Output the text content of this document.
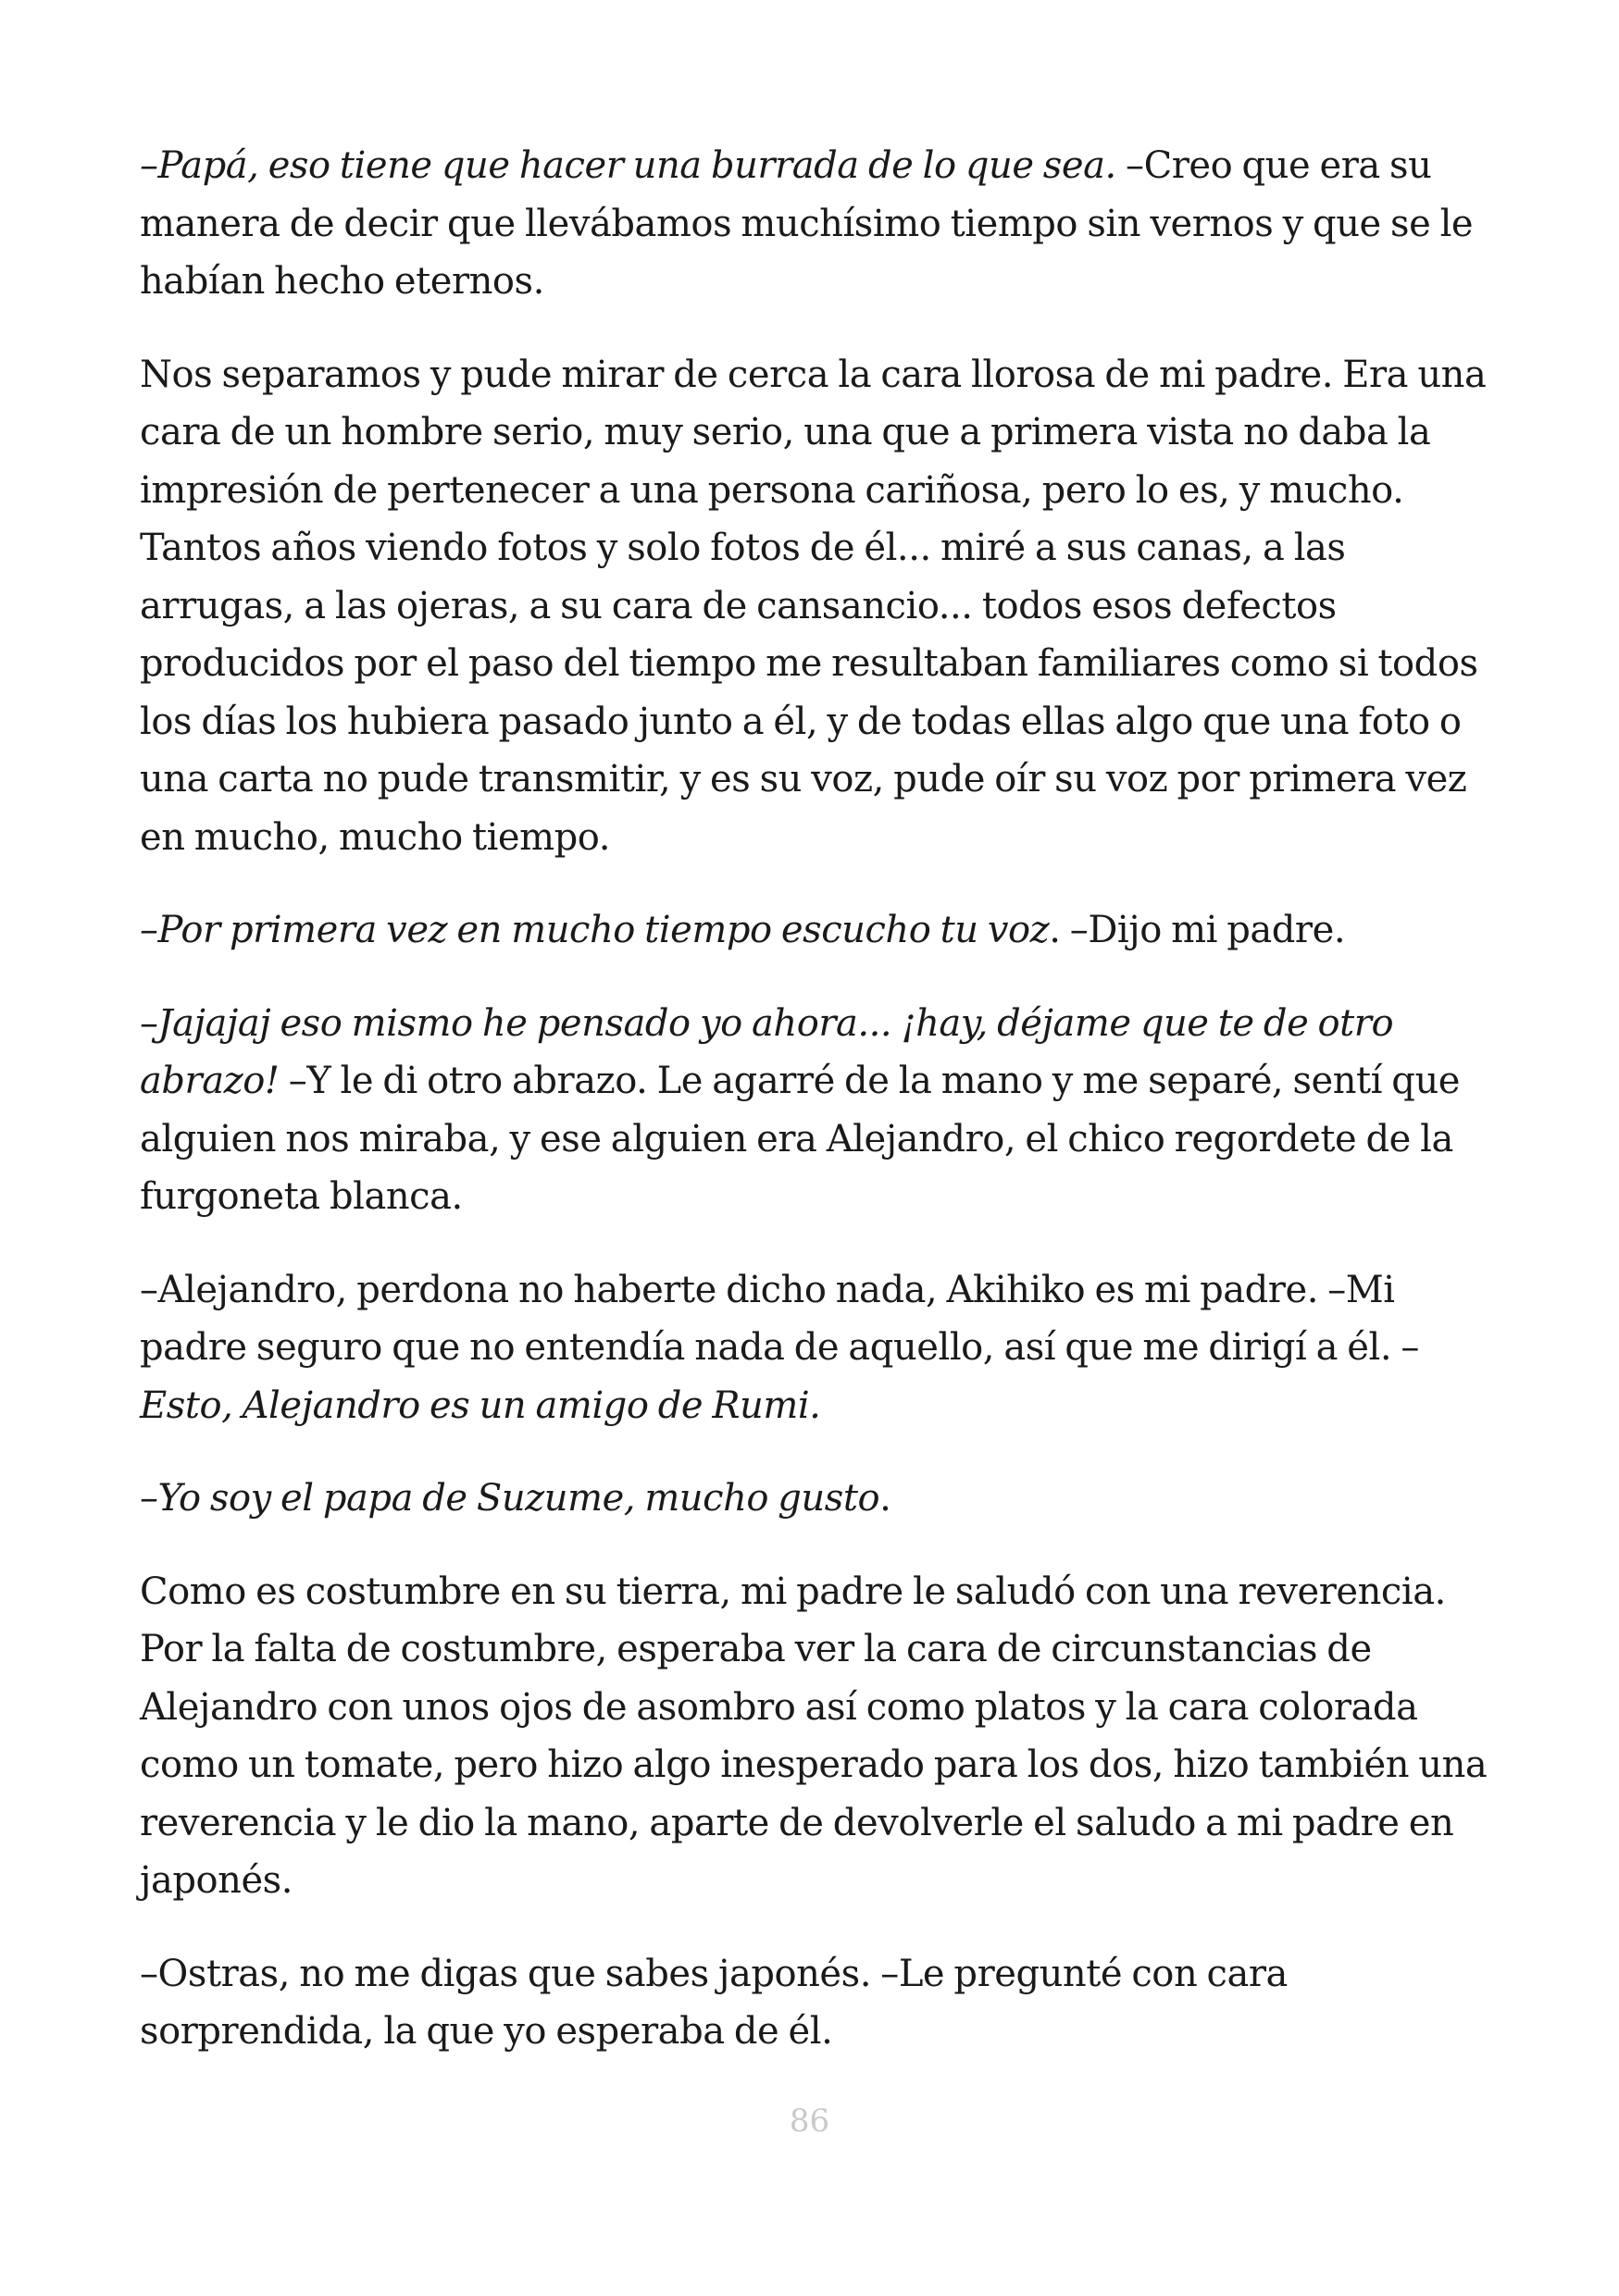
–Papá, eso tiene que hacer una burrada de lo que sea. –Creo que era su manera de decir que llevábamos muchísimo tiempo sin vernos y que se le habían hecho eternos.

Nos separamos y pude mirar de cerca la cara llorosa de mi padre. Era una cara de un hombre serio, muy serio, una que a primera vista no daba la impresión de pertenecer a una persona cariñosa, pero lo es, y mucho. Tantos años viendo fotos y solo fotos de él... miré a sus canas, a las arrugas, a las ojeras, a su cara de cansancio... todos esos defectos producidos por el paso del tiempo me resultaban familiares como si todos los días los hubiera pasado junto a él, y de todas ellas algo que una foto o una carta no pude transmitir, y es su voz, pude oír su voz por primera vez en mucho, mucho tiempo.

–Por primera vez en mucho tiempo escucho tu voz. –Dijo mi padre.

–Jajajaj eso mismo he pensado yo ahora... ¡hay, déjame que te de otro abrazo! –Y le di otro abrazo. Le agarré de la mano y me separé, sentí que alguien nos miraba, y ese alguien era Alejandro, el chico regordete de la furgoneta blanca.

–Alejandro, perdona no haberte dicho nada, Akihiko es mi padre. –Mi padre seguro que no entendía nada de aquello, así que me dirigí a él. –Esto, Alejandro es un amigo de Rumi.

–Yo soy el papa de Suzume, mucho gusto.

Como es costumbre en su tierra, mi padre le saludó con una reverencia. Por la falta de costumbre, esperaba ver la cara de circunstancias de Alejandro con unos ojos de asombro así como platos y la cara colorada como un tomate, pero hizo algo inesperado para los dos, hizo también una reverencia y le dio la mano, aparte de devolverle el saludo a mi padre en japonés.

–Ostras, no me digas que sabes japonés. –Le pregunté con cara sorprendida, la que yo esperaba de él.

86
